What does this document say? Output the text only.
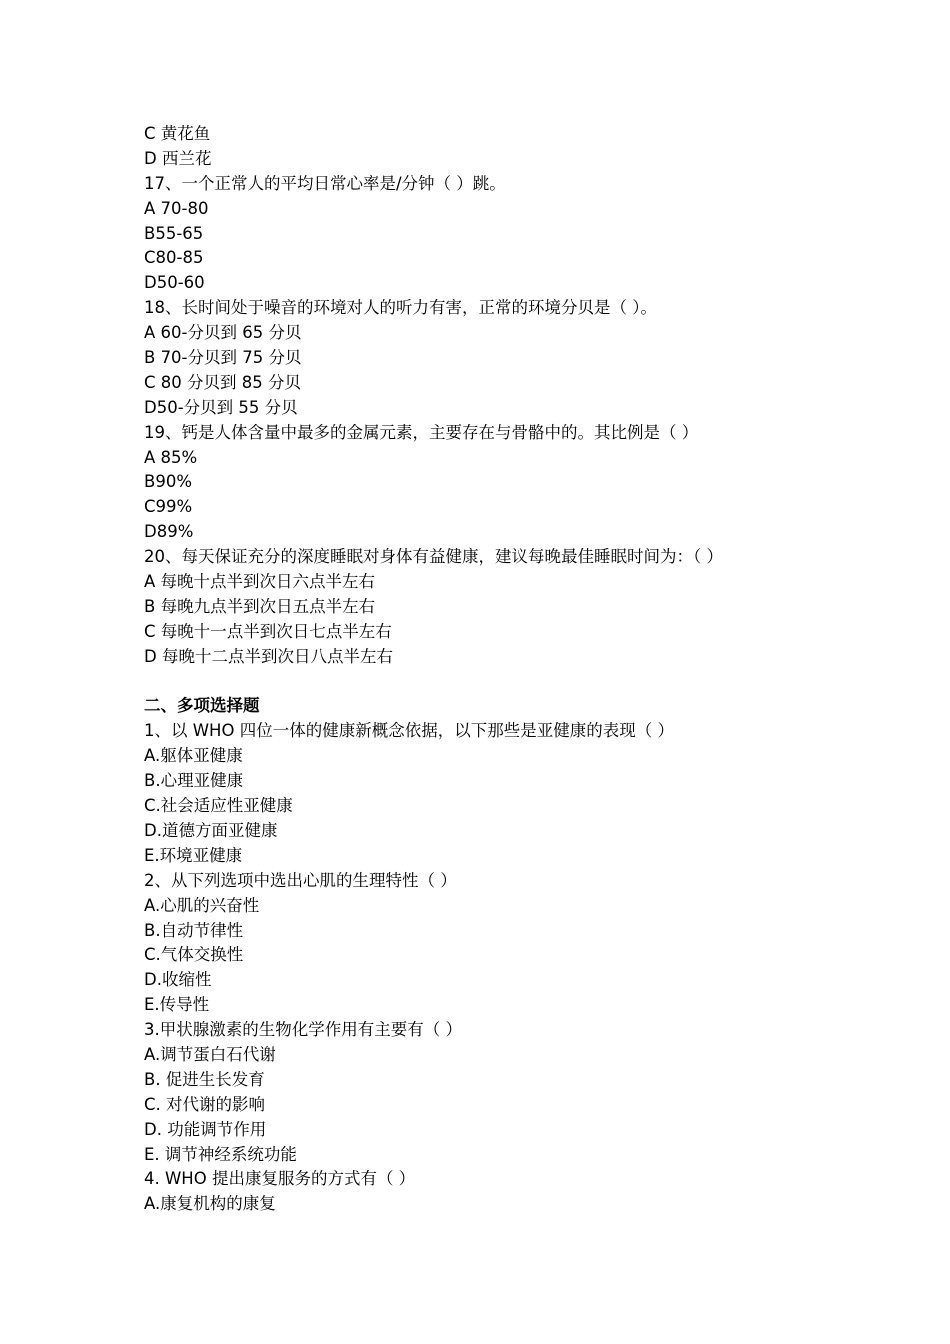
C 黄花鱼
D 西兰花
17、一个正常人的平均日常心率是/分钟（ ）跳。
A 70-80
B55-65
C80-85
D50-60
18、长时间处于噪音的环境对人的听力有害，正常的环境分贝是（ ）。
A 60-分贝到 65 分贝
B 70-分贝到 75 分贝
C 80 分贝到 85 分贝
D50-分贝到 55 分贝
19、钙是人体含量中最多的金属元素，主要存在与骨骼中的。其比例是（ ）
A 85%
B90%
C99%
D89%
20、每天保证充分的深度睡眠对身体有益健康，建议每晚最佳睡眠时间为：（ ）
A 每晚十点半到次日六点半左右
B 每晚九点半到次日五点半左右
C 每晚十一点半到次日七点半左右
D 每晚十二点半到次日八点半左右
二、多项选择题
1、以 WHO 四位一体的健康新概念依据，以下那些是亚健康的表现（ ）
A.躯体亚健康
B.心理亚健康
C.社会适应性亚健康
D.道德方面亚健康
E.环境亚健康
2、从下列选项中选出心肌的生理特性（ ）
A.心肌的兴奋性
B.自动节律性
C.气体交换性
D.收缩性
E.传导性
3.甲状腺激素的生物化学作用有主要有（ ）
A.调节蛋白石代谢
B. 促进生长发育
C. 对代谢的影响
D. 功能调节作用
E. 调节神经系统功能
4. WHO 提出康复服务的方式有（ ）
A.康复机构的康复
